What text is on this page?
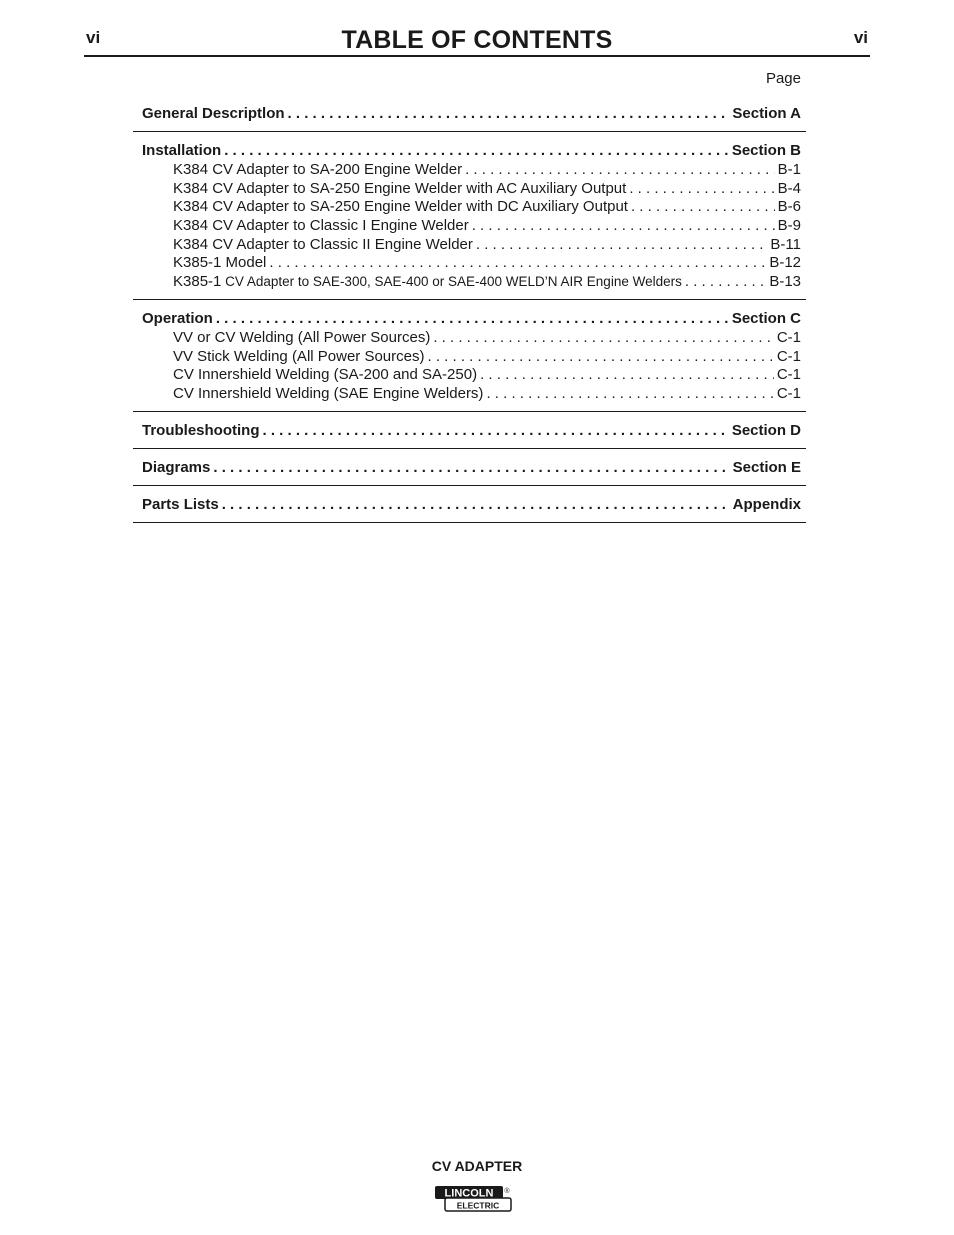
vi	TABLE OF CONTENTS	vi
Page
General Descriptlon . . .	Section A
Installation . . .	Section B
K384 CV Adapter to SA-200 Engine Welder . . .	B-1
K384 CV Adapter to SA-250 Engine Welder with AC Auxiliary Output . . .	B-4
K384 CV Adapter to SA-250 Engine Welder with DC Auxiliary Output . . .	B-6
K384 CV Adapter to Classic I Engine Welder . . .	B-9
K384 CV Adapter to Classic II Engine Welder . . .	B-11
K385-1 Model . . .	B-12
K385-1 CV Adapter to SAE-300, SAE-400 or SAE-400 WELD’N AIR Engine Welders . . .	B-13
Operation . . .	Section C
VV or CV Welding (All Power Sources) . . .	C-1
VV Stick Welding (All Power Sources) . . .	C-1
CV Innershield Welding (SA-200 and SA-250) . . .	C-1
CV Innershield Welding (SAE Engine Welders) . . .	C-1
Troubleshooting . . .	Section D
Diagrams . . .	Section E
Parts Lists . . .	Appendix
CV ADAPTER
LINCOLN
ELECTRIC
®
